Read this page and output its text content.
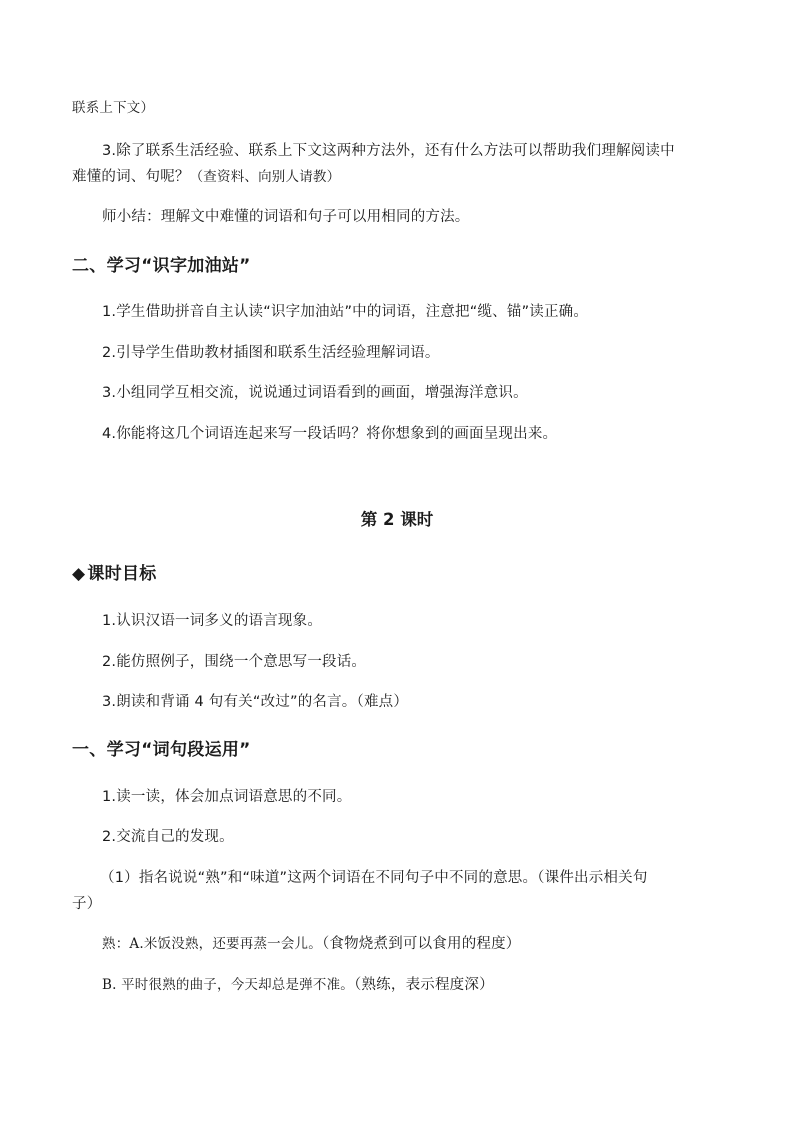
联系上下文）
3.除了联系生活经验、联系上下文这两种方法外，还有什么方法可以帮助我们理解阅读中
难懂的词、句呢？（查资料、向别人请教）
师小结：理解文中难懂的词语和句子可以用相同的方法。
二、学习“识字加油站”
1.学生借助拼音自主认读“识字加油站”中的词语，注意把“缆、锚”读正确。
2.引导学生借助教材插图和联系生活经验理解词语。
3.小组同学互相交流，说说通过词语看到的画面，增强海洋意识。
4.你能将这几个词语连起来写一段话吗？将你想象到的画面呈现出来。
第 2 课时
◆ 课时目标
1.认识汉语一词多义的语言现象。
2.能仿照例子，围绕一个意思写一段话。
3.朗读和背诵 4 句有关“改过”的名言。（难点）
一、学习“词句段运用”
1.读一读，体会加点词语意思的不同。
2.交流自己的发现。
（1）指名说说“熟”和“味道”这两个词语在不同句子中不同的意思。（课件出示相关句
子）
熟：A.米饭没熟，还要再蒸一会儿。（食物烧煮到可以食用的程度）
B. 平时很熟的曲子，今天却总是弹不准。（熟练，表示程度深）
